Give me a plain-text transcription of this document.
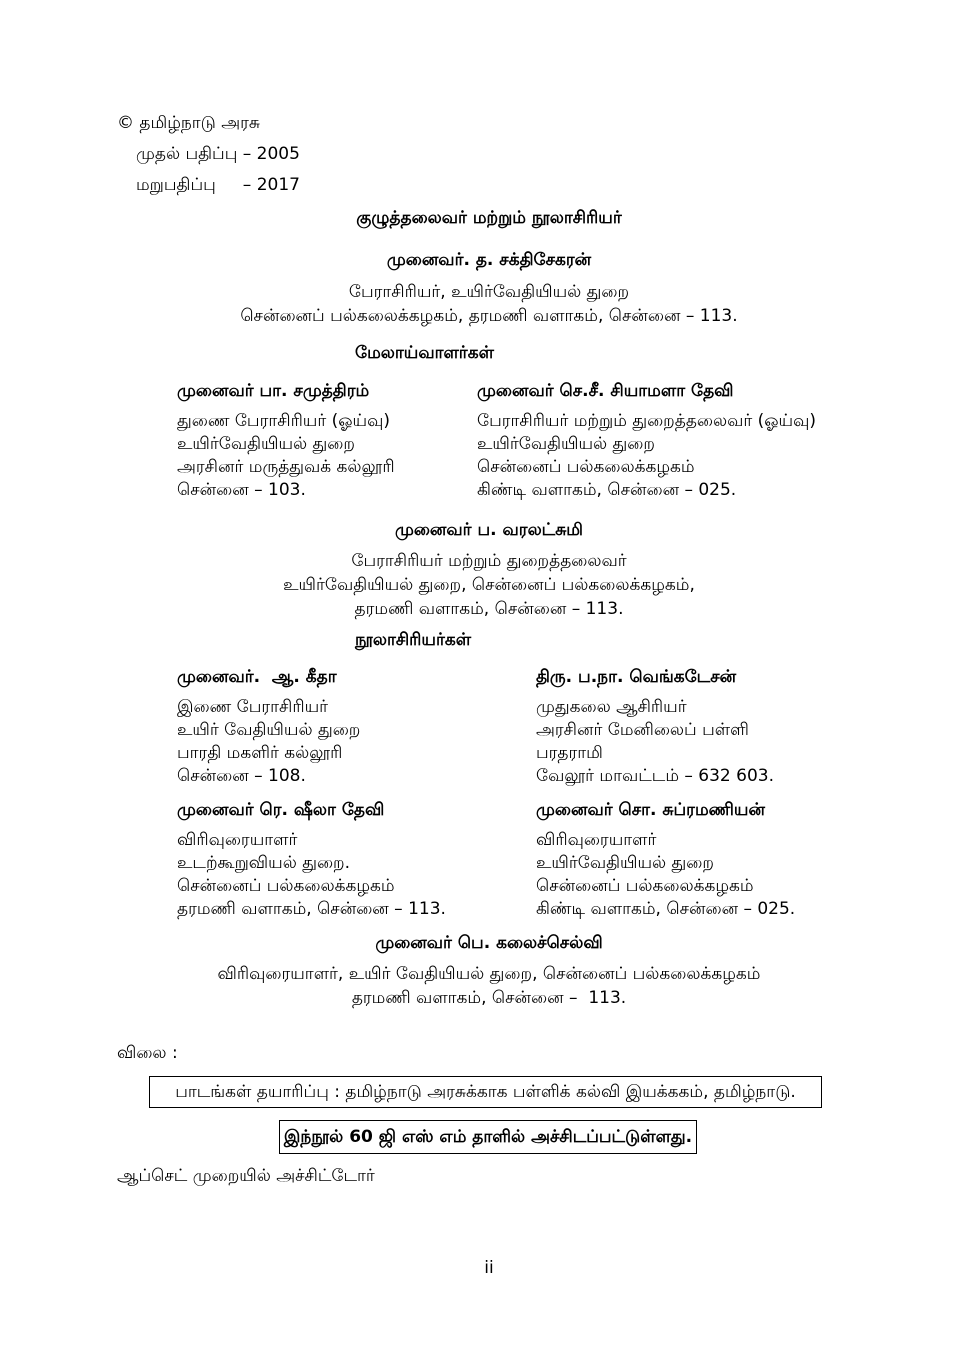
© தமிழ்நாடு அரசு
முதல் பதிப்பு – 2005
மறுபதிப்பு     – 2017
குழுத்தலைவர் மற்றும் நூலாசிரியர்
முனைவர். த. சக்திசேகரன்
பேராசிரியர், உயிர்வேதியியல் துறை
சென்னைப் பல்கலைக்கழகம், தரமணி வளாகம், சென்னை – 113.
மேலாய்வாளர்கள்
முனைவர் பா. சமுத்திரம்
துணை பேராசிரியர் (ஓய்வு)
உயிர்வேதியியல் துறை
அரசினர் மருத்துவக் கல்லூரி
சென்னை – 103.
முனைவர் செ.சீ. சியாமளா தேவி
பேராசிரியர் மற்றும் துறைத்தலைவர் (ஓய்வு)
உயிர்வேதியியல் துறை
சென்னைப் பல்கலைக்கழகம்
கிண்டி வளாகம், சென்னை – 025.
முனைவர் ப. வரலட்சுமி
பேராசிரியர் மற்றும் துறைத்தலைவர்
உயிர்வேதியியல் துறை, சென்னைப் பல்கலைக்கழகம்,
தரமணி வளாகம், சென்னை – 113.
நூலாசிரியர்கள்
முனைவர்.  ஆ. கீதா
இணை பேராசிரியர்
உயிர் வேதியியல் துறை
பாரதி மகளிர் கல்லூரி
சென்னை – 108.
திரு. ப.நா. வெங்கடேசன்
முதுகலை ஆசிரியர்
அரசினர் மேனிலைப் பள்ளி
பரதராமி
வேலூர் மாவட்டம் – 632 603.
முனைவர் ரெ. ஷீலா தேவி
விரிவுரையாளர்
உடற்கூறுவியல் துறை.
சென்னைப் பல்கலைக்கழகம்
தரமணி வளாகம், சென்னை – 113.
முனைவர் சொ. சுப்ரமணியன்
விரிவுரையாளர்
உயிர்வேதியியல் துறை
சென்னைப் பல்கலைக்கழகம்
கிண்டி வளாகம், சென்னை – 025.
முனைவர் பெ. கலைச்செல்வி
விரிவுரையாளர், உயிர் வேதியியல் துறை, சென்னைப் பல்கலைக்கழகம்
தரமணி வளாகம், சென்னை –  113.
விலை :
பாடங்கள் தயாரிப்பு : தமிழ்நாடு அரசுக்காக பள்ளிக் கல்வி இயக்ககம், தமிழ்நாடு.
இந்நூல் 60 ஜி எஸ் எம் தாளில் அச்சிடப்பட்டுள்ளது.
ஆப்செட் முறையில் அச்சிட்டோர்
ii
